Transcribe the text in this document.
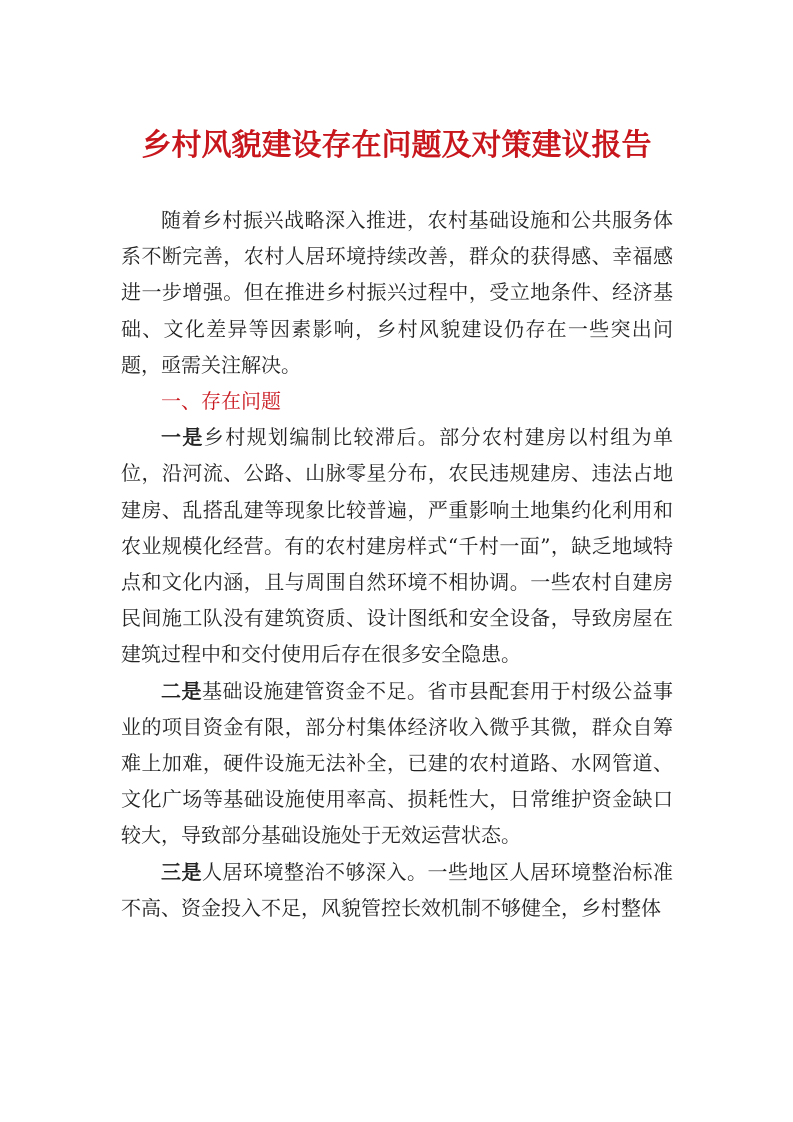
乡村风貌建设存在问题及对策建议报告

随着乡村振兴战略深入推进，农村基础设施和公共服务体系不断完善，农村人居环境持续改善，群众的获得感、幸福感进一步增强。但在推进乡村振兴过程中，受立地条件、经济基础、文化差异等因素影响，乡村风貌建设仍存在一些突出问题，亟需关注解决。

一、存在问题

一是乡村规划编制比较滞后。部分农村建房以村组为单位，沿河流、公路、山脉零星分布，农民违规建房、违法占地建房、乱搭乱建等现象比较普遍，严重影响土地集约化利用和农业规模化经营。有的农村建房样式“千村一面”，缺乏地域特点和文化内涵，且与周围自然环境不相协调。一些农村自建房民间施工队没有建筑资质、设计图纸和安全设备，导致房屋在建筑过程中和交付使用后存在很多安全隐患。

二是基础设施建管资金不足。省市县配套用于村级公益事业的项目资金有限，部分村集体经济收入微乎其微，群众自筹难上加难，硬件设施无法补全，已建的农村道路、水网管道、文化广场等基础设施使用率高、损耗性大，日常维护资金缺口较大，导致部分基础设施处于无效运营状态。

三是人居环境整治不够深入。一些地区人居环境整治标准不高、资金投入不足，风貌管控长效机制不够健全，乡村整体
